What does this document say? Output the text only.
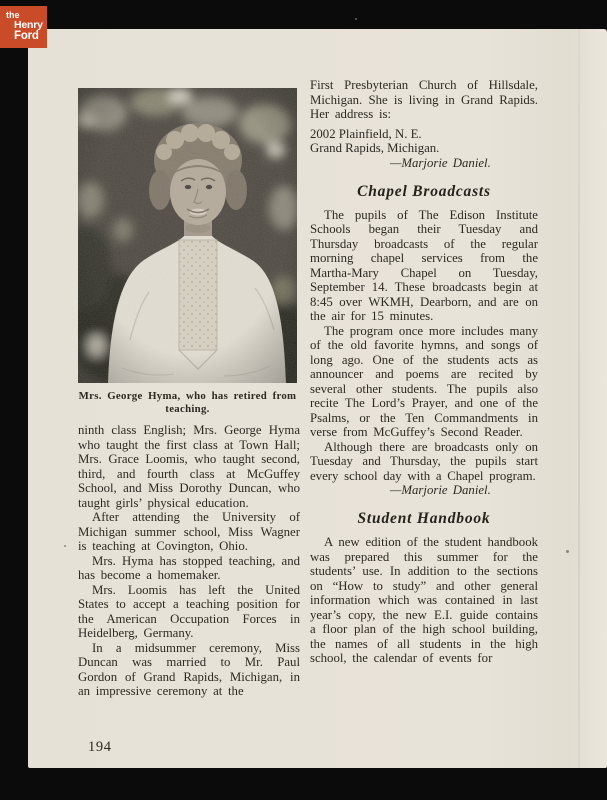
Mrs. George Hyma, who has retired from teaching.

ninth class English; Mrs. George Hyma who taught the first class at Town Hall; Mrs. Grace Loomis, who taught second, third, and fourth class at McGuffey School, and Miss Dorothy Duncan, who taught girls’ physical education.

After attending the University of Michigan summer school, Miss Wagner is teaching at Covington, Ohio.

Mrs. Hyma has stopped teaching, and has become a homemaker.

Mrs. Loomis has left the United States to accept a teaching position for the American Occupation Forces in Heidelberg, Germany.

In a midsummer ceremony, Miss Duncan was married to Mr. Paul Gordon of Grand Rapids, Michigan, in an impressive ceremony at the

First Presbyterian Church of Hillsdale, Michigan. She is living in Grand Rapids. Her address is:

2002 Plainfield, N. E.
Grand Rapids, Michigan.
—Marjorie Daniel.
Chapel Broadcasts

The pupils of The Edison Institute Schools began their Tuesday and Thursday broadcasts of the regular morning chapel services from the Martha-Mary Chapel on Tuesday, September 14. These broadcasts begin at 8:45 over WKMH, Dearborn, and are on the air for 15 minutes.

The program once more includes many of the old favorite hymns, and songs of long ago. One of the students acts as announcer and poems are recited by several other students. The pupils also recite The Lord’s Prayer, and one of the Psalms, or the Ten Commandments in verse from McGuffey’s Second Reader.

Although there are broadcasts only on Tuesday and Thursday, the pupils start every school day with a Chapel program.

—Marjorie Daniel.
Student Handbook

A new edition of the student handbook was prepared this summer for the students’ use. In addition to the sections on “How to study” and other general information which was contained in last year’s copy, the new E.I. guide contains a floor plan of the high school building, the names of all students in the high school, the calendar of events for

194
the
Henry
Ford
